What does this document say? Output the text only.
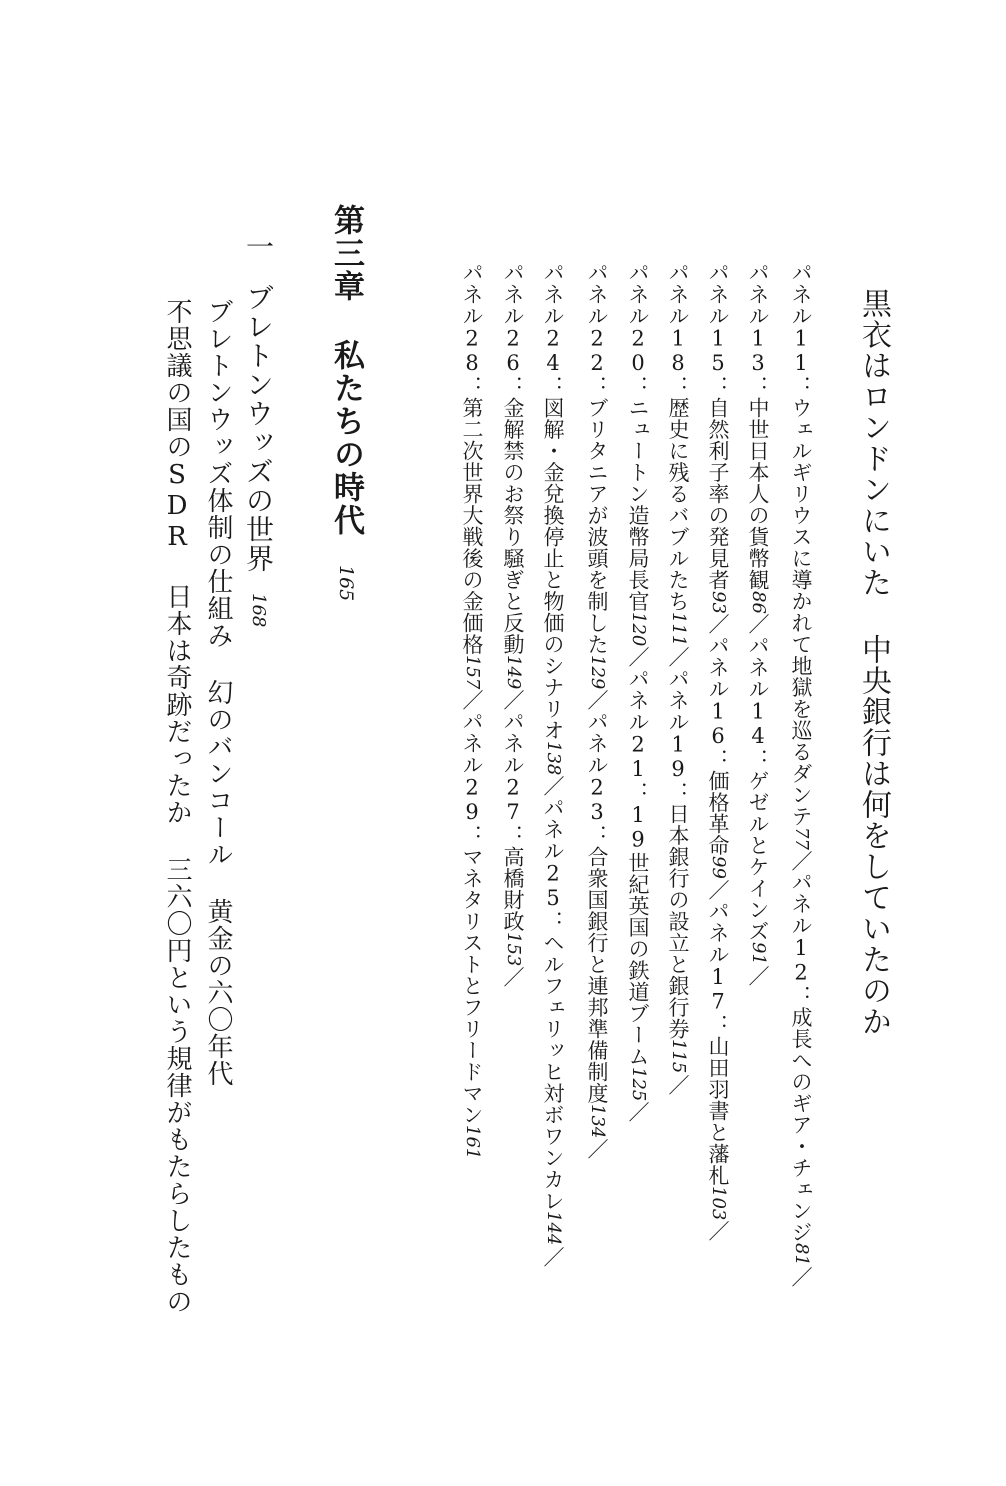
黒衣はロンドンにいた中央銀行は何をしていたのか
パネル11：ウェルギリウスに導かれて地獄を巡るダンテ77／パネル12：成長へのギア・チェンジ81／
パネル13：中世日本人の貨幣観86／パネル14：ゲゼルとケインズ91／
パネル15：自然利子率の発見者93／パネル16：価格革命99／パネル17：山田羽書と藩札103／
パネル18：歴史に残るバブルたち111／パネル19：日本銀行の設立と銀行券115／
パネル20：ニュートン造幣局長官120／パネル21：19世紀英国の鉄道ブーム125／
パネル22：ブリタニアが波頭を制した129／パネル23：合衆国銀行と連邦準備制度134／
パネル24：図解・金兌換停止と物価のシナリオ138／パネル25：ヘルフェリッヒ対ボワンカレ144／
パネル26：金解禁のお祭り騒ぎと反動149／パネル27：高橋財政153／
パネル28：第二次世界大戦後の金価格157／パネル29：マネタリストとフリードマン161
第三章私たちの時代165
一ブレトンウッズの世界168
ブレトンウッズ体制の仕組み幻のバンコール黄金の六〇年代
不思議の国のSDR日本は奇跡だったか三六〇円という規律がもたらしたもの
